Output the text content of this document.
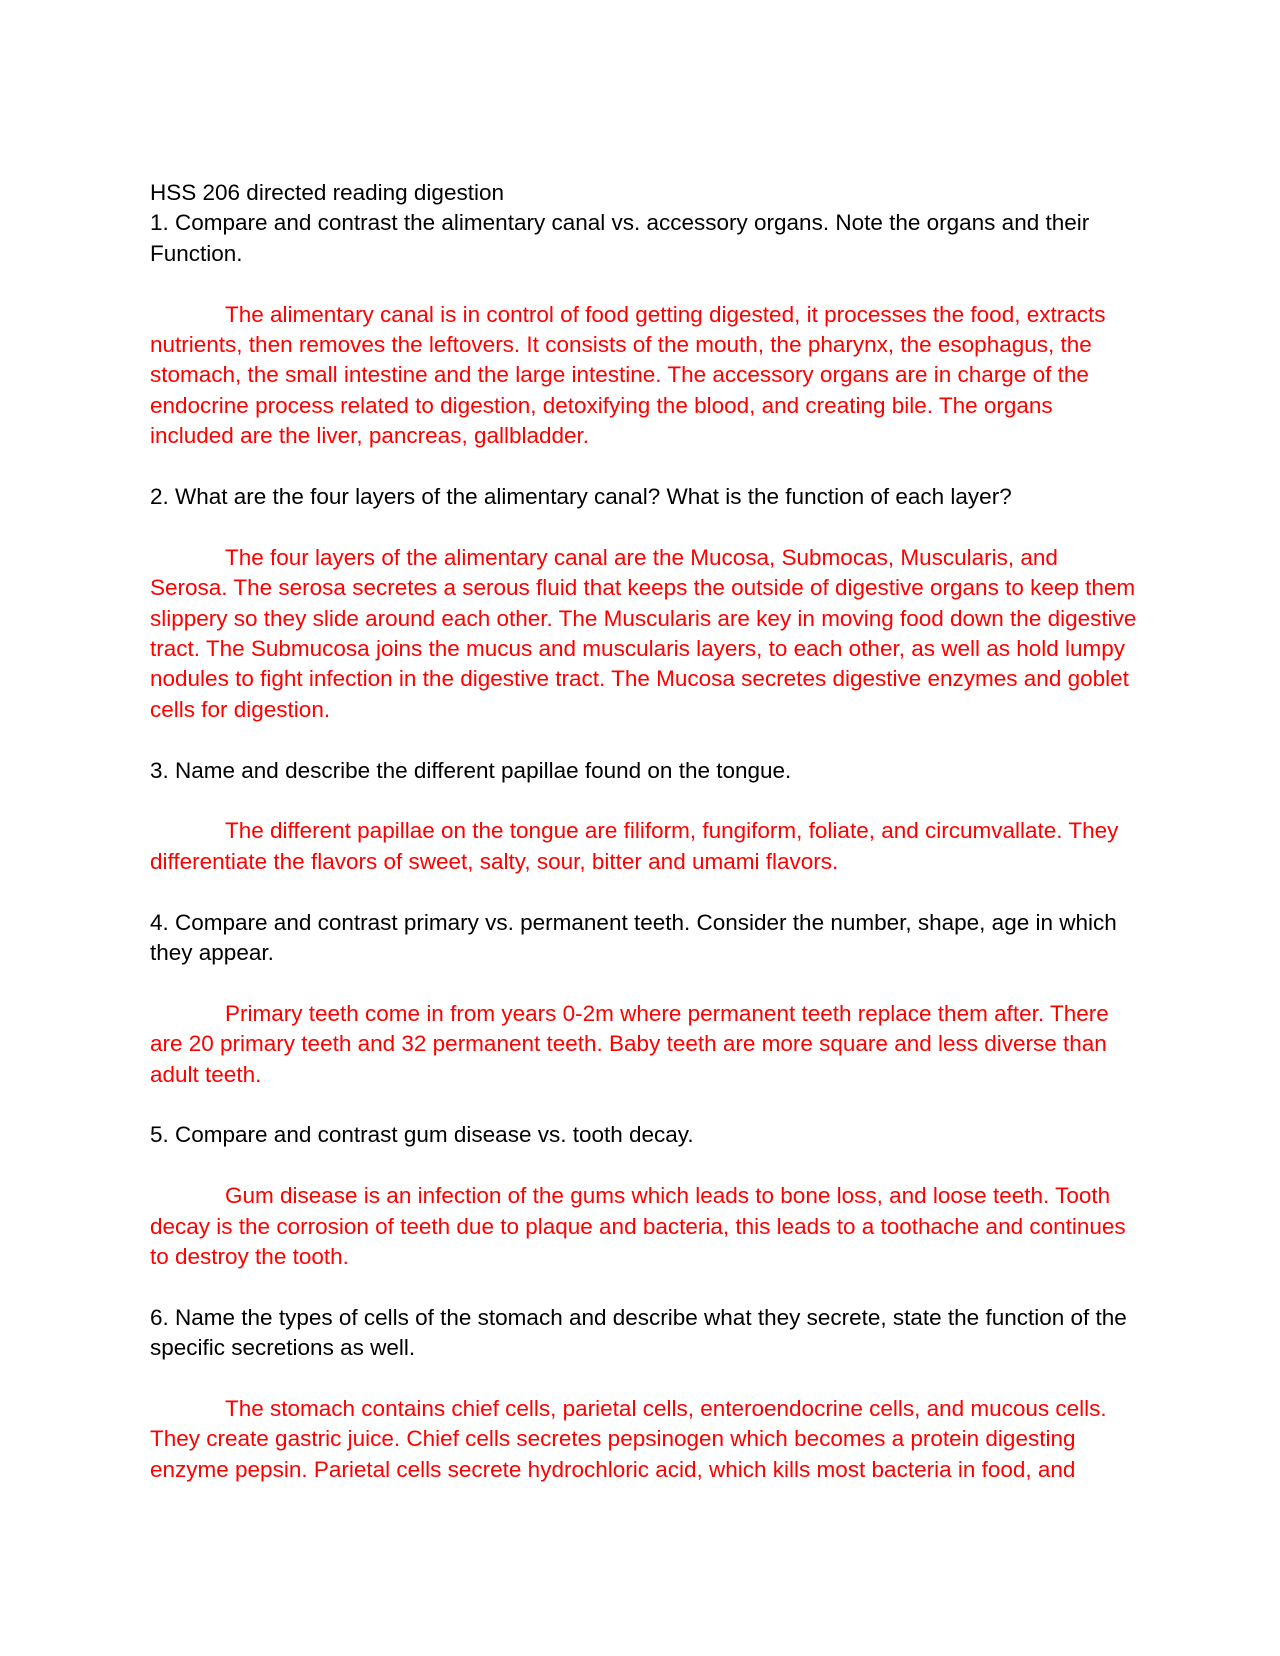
HSS 206 directed reading digestion

1. Compare and contrast the alimentary canal vs. accessory organs. Note the organs and their Function.

The alimentary canal is in control of food getting digested, it processes the food, extracts nutrients, then removes the leftovers. It consists of the mouth, the pharynx, the esophagus, the stomach, the small intestine and the large intestine. The accessory organs are in charge of the endocrine process related to digestion, detoxifying the blood, and creating bile. The organs included are the liver, pancreas, gallbladder.

2. What are the four layers of the alimentary canal? What is the function of each layer?

The four layers of the alimentary canal are the Mucosa, Submocas, Muscularis, and Serosa. The serosa secretes a serous fluid that keeps the outside of digestive organs to keep them slippery so they slide around each other. The Muscularis are key in moving food down the digestive tract. The Submucosa joins the mucus and muscularis layers, to each other, as well as hold lumpy nodules to fight infection in the digestive tract. The Mucosa secretes digestive enzymes and goblet cells for digestion.

3. Name and describe the different papillae found on the tongue.

The different papillae on the tongue are filiform, fungiform, foliate, and circumvallate. They differentiate the flavors of sweet, salty, sour, bitter and umami flavors.

4. Compare and contrast primary vs. permanent teeth. Consider the number, shape, age in which they appear.

Primary teeth come in from years 0-2m where permanent teeth replace them after. There are 20 primary teeth and 32 permanent teeth. Baby teeth are more square and less diverse than adult teeth.

5. Compare and contrast gum disease vs. tooth decay.

Gum disease is an infection of the gums which leads to bone loss, and loose teeth. Tooth decay is the corrosion of teeth due to plaque and bacteria, this leads to a toothache and continues to destroy the tooth.

6. Name the types of cells of the stomach and describe what they secrete, state the function of the specific secretions as well.

The stomach contains chief cells, parietal cells, enteroendocrine cells, and mucous cells. They create gastric juice. Chief cells secretes pepsinogen which becomes a protein digesting enzyme pepsin. Parietal cells secrete hydrochloric acid, which kills most bacteria in food, and
